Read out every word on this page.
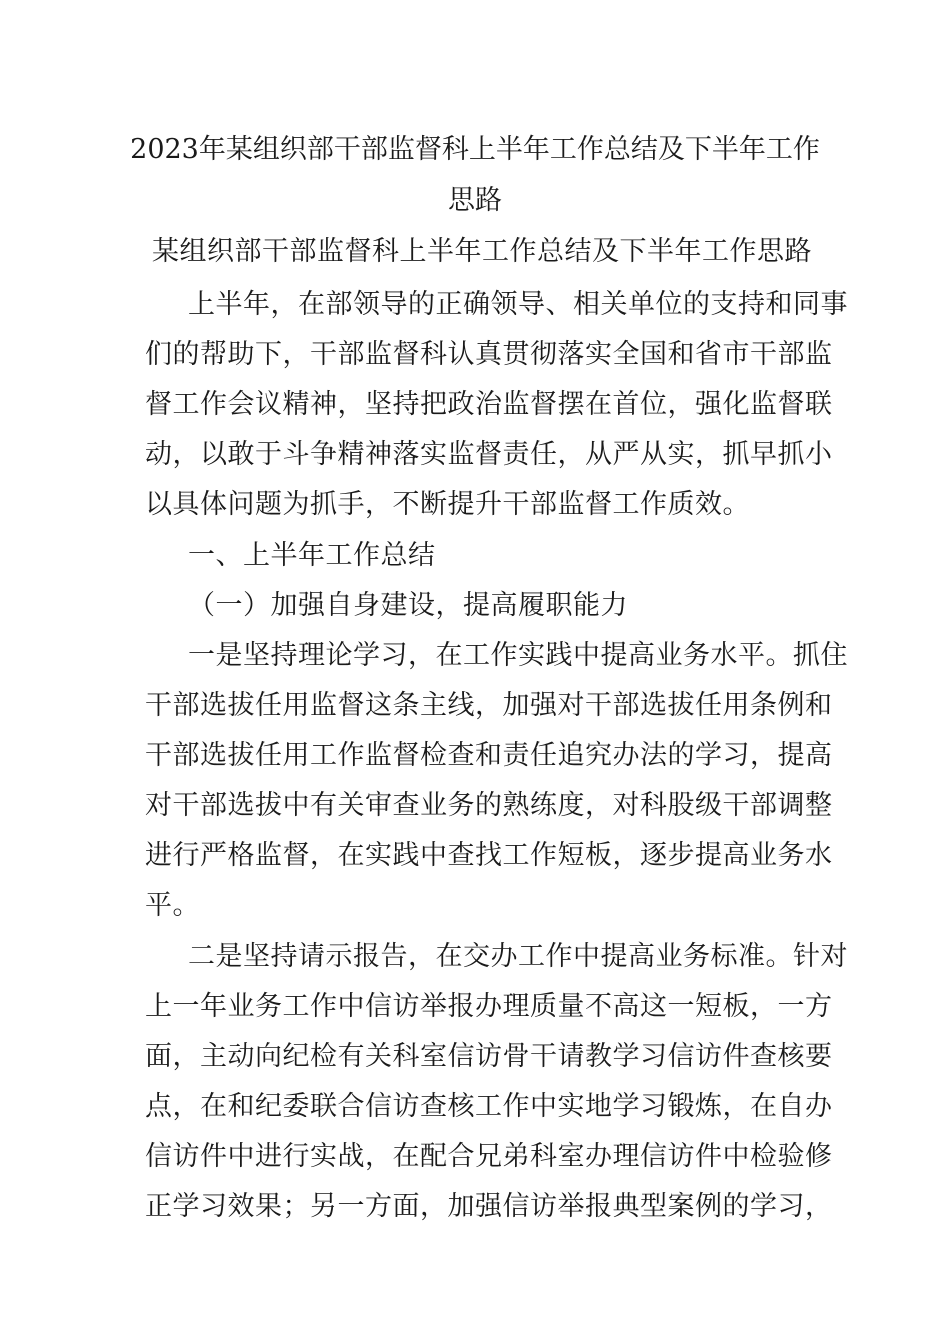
2023年某组织部干部监督科上半年工作总结及下半年工作
思路
某组织部干部监督科上半年工作总结及下半年工作思路
上半年，在部领导的正确领导、相关单位的支持和同事
们的帮助下，干部监督科认真贯彻落实全国和省市干部监
督工作会议精神，坚持把政治监督摆在首位，强化监督联
动，以敢于斗争精神落实监督责任，从严从实，抓早抓小
以具体问题为抓手，不断提升干部监督工作质效。
一、上半年工作总结
（一）加强自身建设，提高履职能力
一是坚持理论学习，在工作实践中提高业务水平。抓住
干部选拔任用监督这条主线，加强对干部选拔任用条例和
干部选拔任用工作监督检查和责任追究办法的学习，提高
对干部选拔中有关审查业务的熟练度，对科股级干部调整
进行严格监督，在实践中查找工作短板，逐步提高业务水
平。
二是坚持请示报告，在交办工作中提高业务标准。针对
上一年业务工作中信访举报办理质量不高这一短板，一方
面，主动向纪检有关科室信访骨干请教学习信访件查核要
点，在和纪委联合信访查核工作中实地学习锻炼，在自办
信访件中进行实战，在配合兄弟科室办理信访件中检验修
正学习效果；另一方面，加强信访举报典型案例的学习，
